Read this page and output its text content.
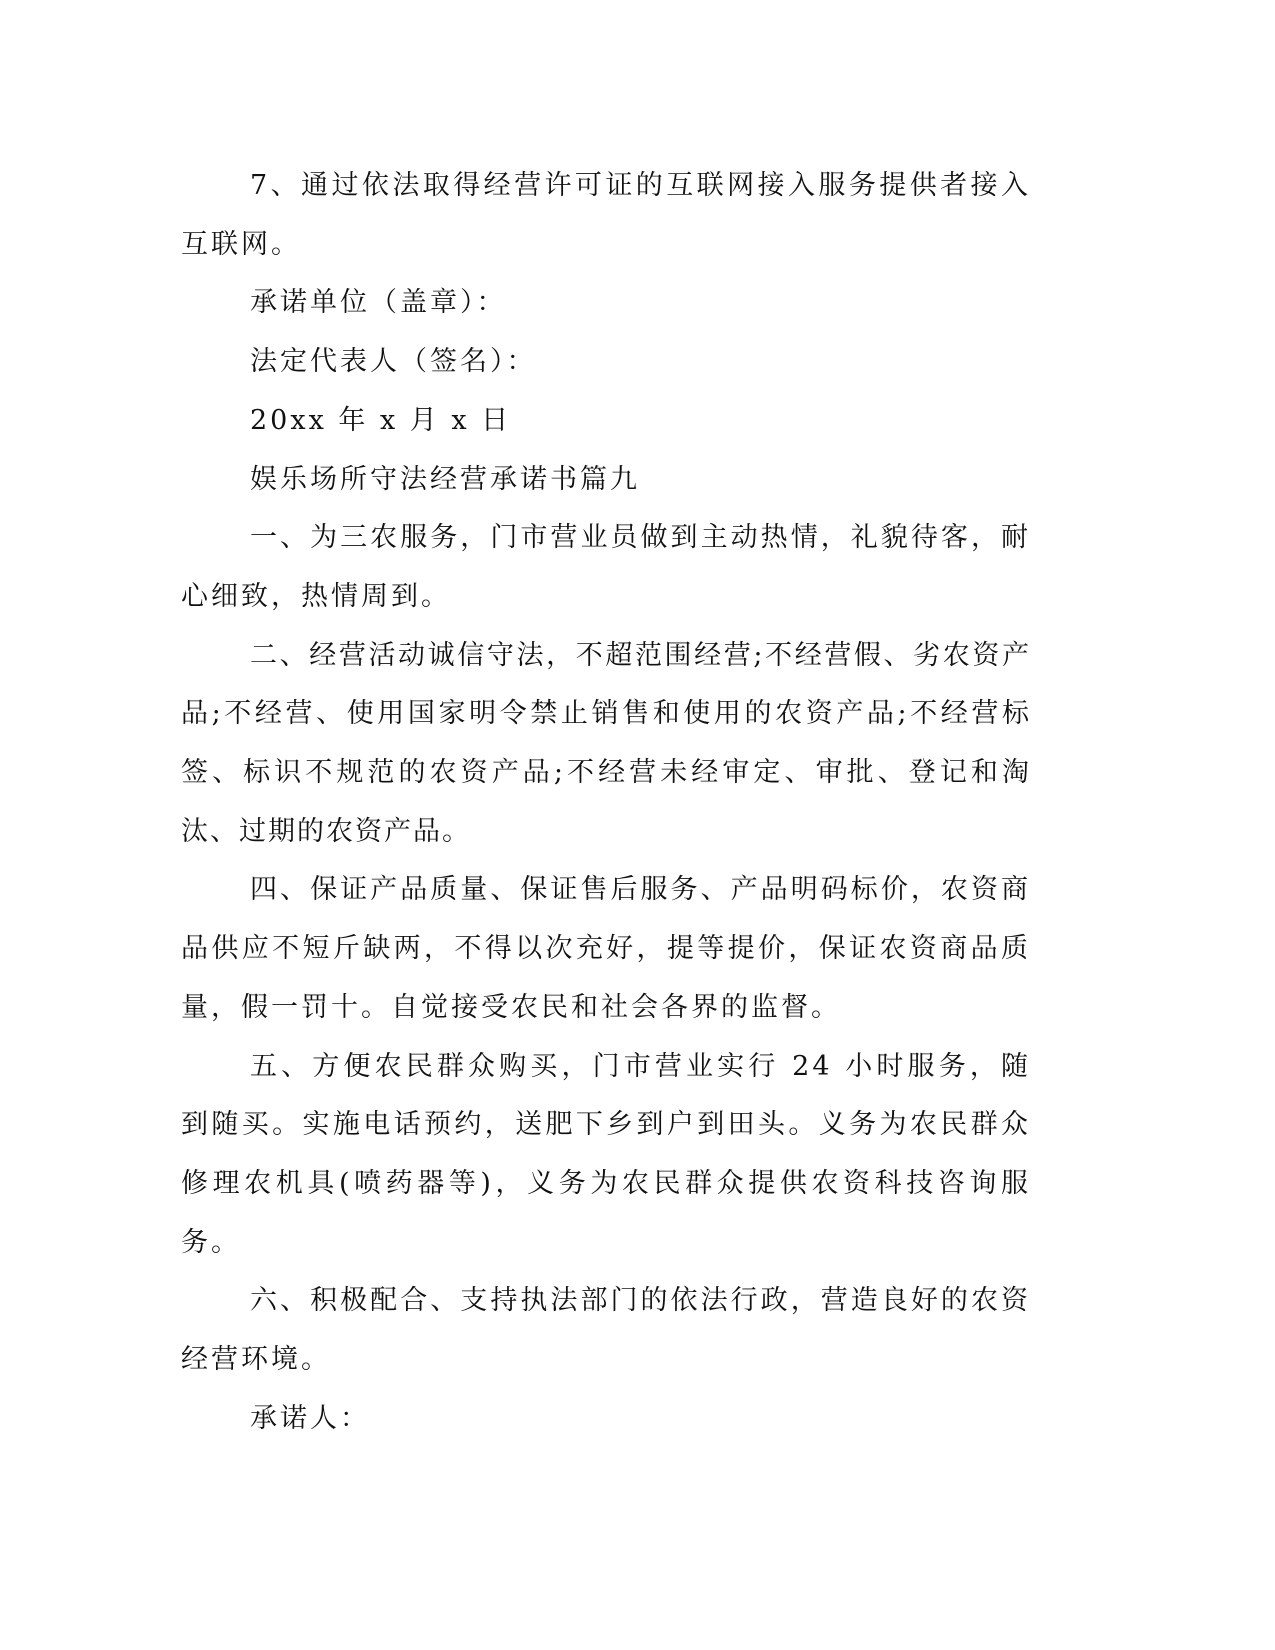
7、通过依法取得经营许可证的互联网接入服务提供者接入互联网。

承诺单位（盖章）：

法定代表人（签名）：

20xx 年 x 月 x 日

娱乐场所守法经营承诺书篇九

一、为三农服务，门市营业员做到主动热情，礼貌待客，耐心细致，热情周到。

二、经营活动诚信守法，不超范围经营;不经营假、劣农资产品;不经营、使用国家明令禁止销售和使用的农资产品;不经营标签、标识不规范的农资产品;不经营未经审定、审批、登记和淘汰、过期的农资产品。

四、保证产品质量、保证售后服务、产品明码标价，农资商品供应不短斤缺两，不得以次充好，提等提价，保证农资商品质量，假一罚十。自觉接受农民和社会各界的监督。

五、方便农民群众购买，门市营业实行 24 小时服务，随到随买。实施电话预约，送肥下乡到户到田头。义务为农民群众修理农机具(喷药器等)，义务为农民群众提供农资科技咨询服务。

六、积极配合、支持执法部门的依法行政，营造良好的农资经营环境。

承诺人：
